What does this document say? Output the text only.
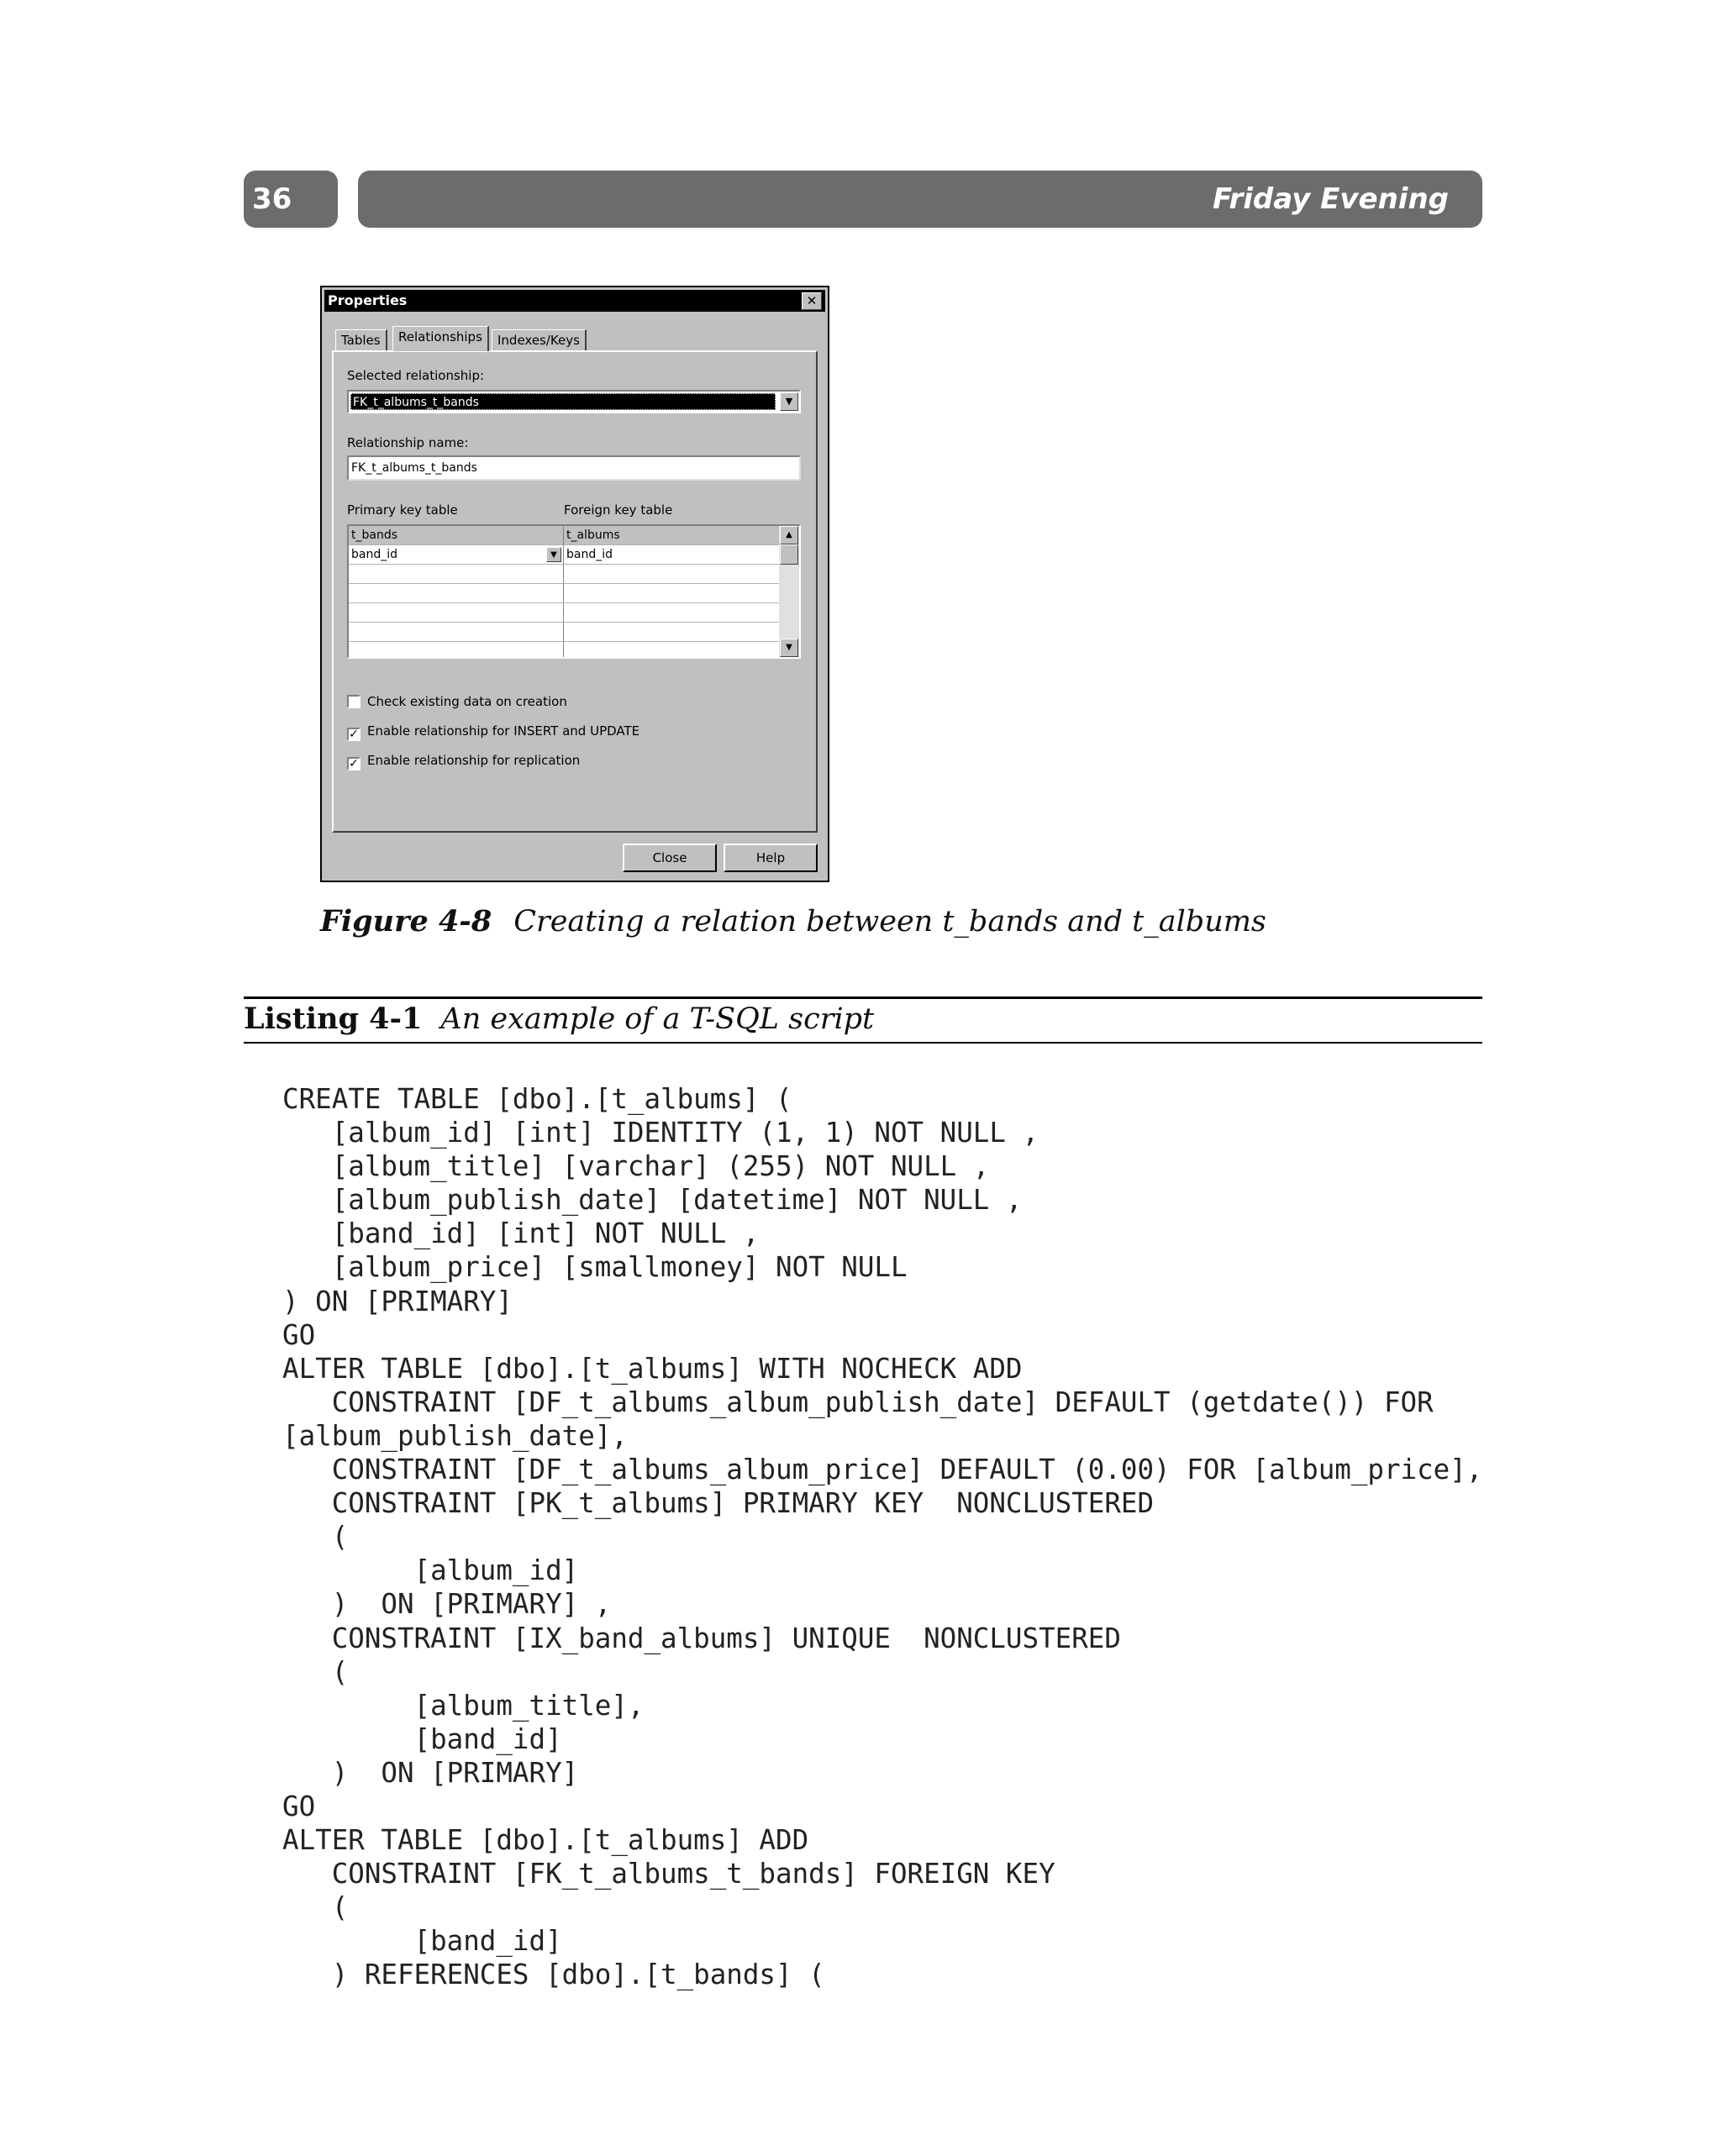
36	Friday Evening
Properties	✕
Tables	Relationships	Indexes/Keys
Selected relationship:
FK_t_albums_t_bands	▼
Relationship name:
FK_t_albums_t_bands
Primary key table	Foreign key table
t_bands	t_albums
band_id	▼ band_id
▲
▼
Check existing data on creation
✓ Enable relationship for INSERT and UPDATE
✓ Enable relationship for replication
Close	Help
Figure 4-8 Creating a relation between t_bands and t_albums
Listing 4-1 An example of a T-SQL script
CREATE TABLE [dbo].[t_albums] (
[album_id] [int] IDENTITY (1, 1) NOT NULL ,
[album_title] [varchar] (255) NOT NULL ,
[album_publish_date] [datetime] NOT NULL ,
[band_id] [int] NOT NULL ,
[album_price] [smallmoney] NOT NULL
) ON [PRIMARY]
GO
ALTER TABLE [dbo].[t_albums] WITH NOCHECK ADD
CONSTRAINT [DF_t_albums_album_publish_date] DEFAULT (getdate()) FOR
[album_publish_date],
CONSTRAINT [DF_t_albums_album_price] DEFAULT (0.00) FOR [album_price],
CONSTRAINT [PK_t_albums] PRIMARY KEY  NONCLUSTERED
(
[album_id]
)  ON [PRIMARY] ,
CONSTRAINT [IX_band_albums] UNIQUE  NONCLUSTERED
(
[album_title],
[band_id]
)  ON [PRIMARY]
GO
ALTER TABLE [dbo].[t_albums] ADD
CONSTRAINT [FK_t_albums_t_bands] FOREIGN KEY
(
[band_id]
) REFERENCES [dbo].[t_bands] (
